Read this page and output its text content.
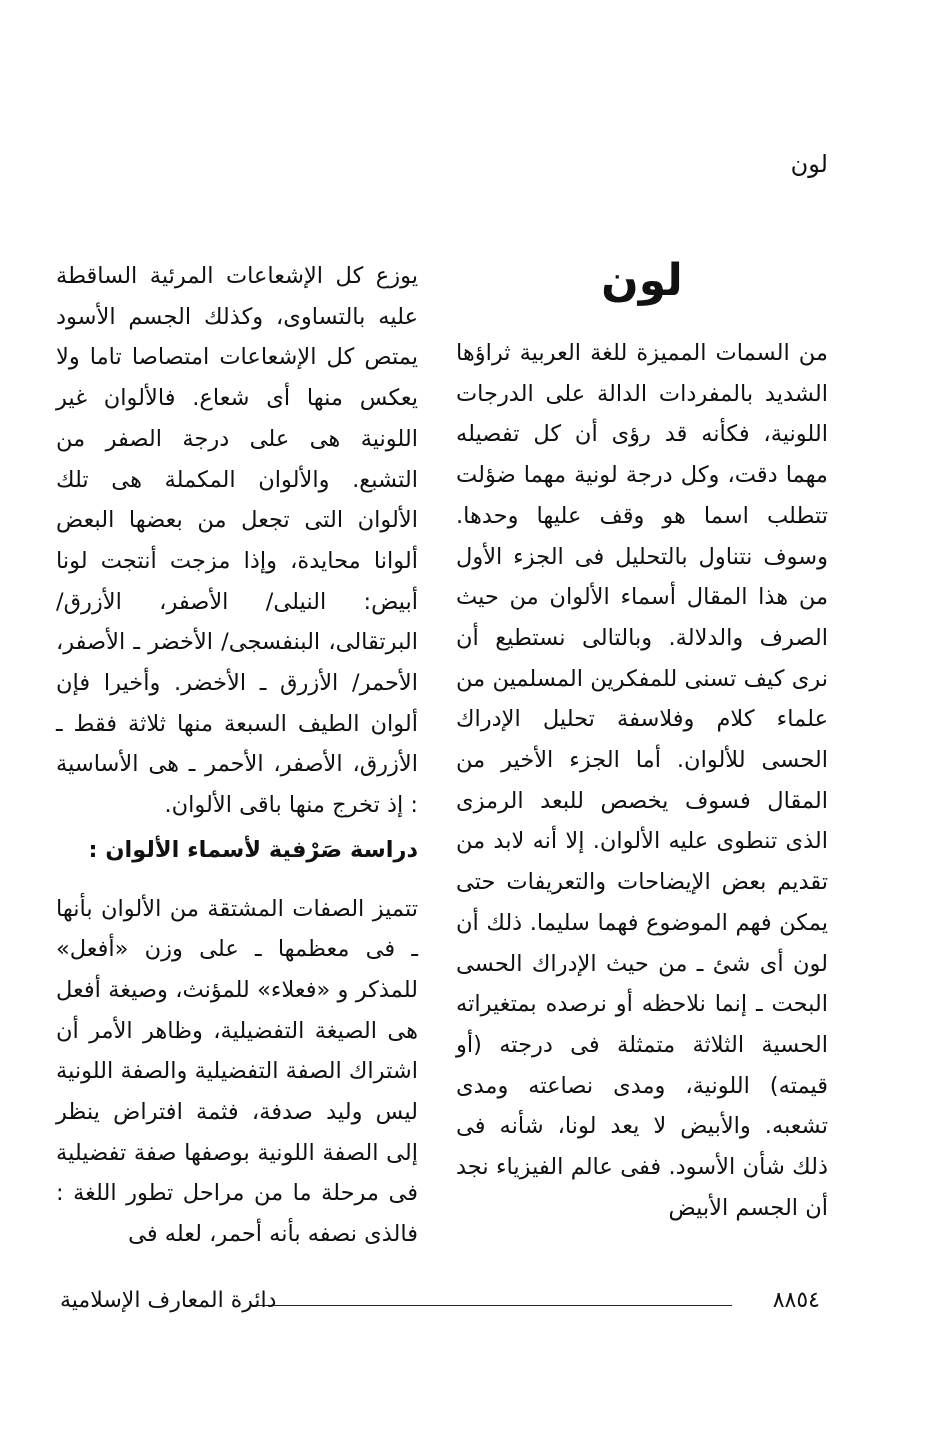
لون
لون

من السمات المميزة للغة العربية ثراؤها الشديد بالمفردات الدالة على الدرجات اللونية، فكأنه قد رؤى أن كل تفصيله مهما دقت، وكل درجة لونية مهما ضؤلت تتطلب اسما هو وقف عليها وحدها. وسوف نتناول بالتحليل فى الجزء الأول من هذا المقال أسماء الألوان من حيث الصرف والدلالة. وبالتالى نستطيع أن نرى كيف تسنى للمفكرين المسلمين من علماء كلام وفلاسفة تحليل الإدراك الحسى للألوان. أما الجزء الأخير من المقال فسوف يخصص للبعد الرمزى الذى تنطوى عليه الألوان. إلا أنه لابد من تقديم بعض الإيضاحات والتعريفات حتى يمكن فهم الموضوع فهما سليما. ذلك أن لون أى شئ ـ من حيث الإدراك الحسى البحت ـ إنما نلاحظه أو نرصده بمتغيراته الحسية الثلاثة متمثلة فى درجته (أو قيمته) اللونية، ومدى نصاعته ومدى تشعبه. والأبيض لا يعد لونا، شأنه فى ذلك شأن الأسود. ففى عالم الفيزياء نجد أن الجسم الأبيض

يوزع كل الإشعاعات المرئية الساقطة عليه بالتساوى، وكذلك الجسم الأسود يمتص كل الإشعاعات امتصاصا تاما ولا يعكس منها أى شعاع. فالألوان غير اللونية هى على درجة الصفر من التشبع. والألوان المكملة هى تلك الألوان التى تجعل من بعضها البعض ألوانا محايدة، وإذا مزجت أنتجت لونا أبيض: النيلى/ الأصفر، الأزرق/ البرتقالى، البنفسجى/ الأخضر ـ الأصفر، الأحمر/ الأزرق ـ الأخضر. وأخيرا فإن ألوان الطيف السبعة منها ثلاثة فقط ـ الأزرق، الأصفر، الأحمر ـ هى الأساسية : إذ تخرج منها باقى الألوان.

دراسة صَرْفية لأسماء الألوان :

تتميز الصفات المشتقة من الألوان بأنها ـ فى معظمها ـ على وزن «أفعل» للمذكر و «فعلاء» للمؤنث، وصيغة أفعل هى الصيغة التفضيلية، وظاهر الأمر أن اشتراك الصفة التفضيلية والصفة اللونية ليس وليد صدفة، فثمة افتراض ينظر إلى الصفة اللونية بوصفها صفة تفضيلية فى مرحلة ما من مراحل تطور اللغة : فالذى نصفه بأنه أحمر، لعله فى

٨٨٥٤
دائرة المعارف الإسلامية
